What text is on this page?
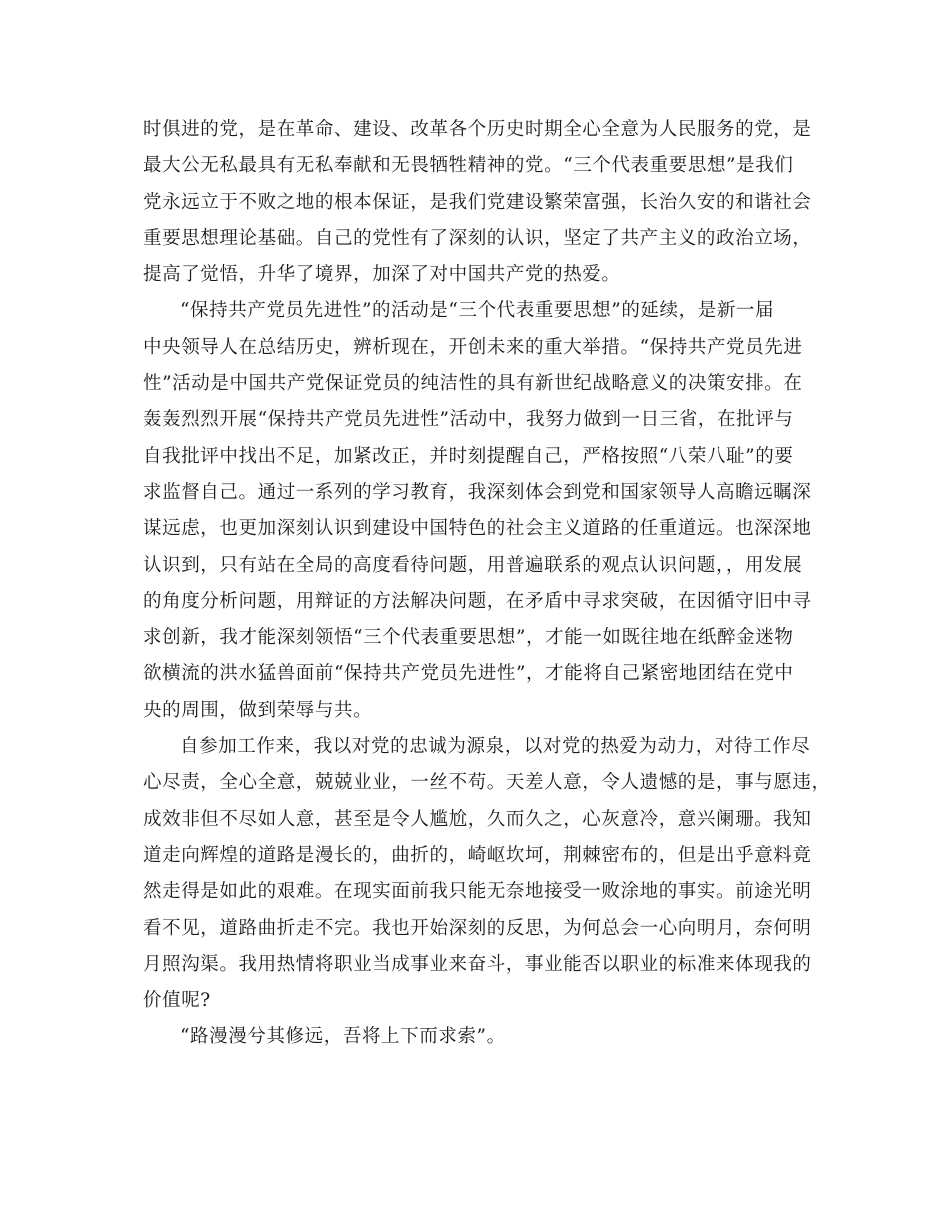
时俱进的党，是在革命、建设、改革各个历史时期全心全意为人民服务的党，是
最大公无私最具有无私奉献和无畏牺牲精神的党。“三个代表重要思想”是我们
党永远立于不败之地的根本保证，是我们党建设繁荣富强，长治久安的和谐社会
重要思想理论基础。自己的党性有了深刻的认识，坚定了共产主义的政治立场，
提高了觉悟，升华了境界，加深了对中国共产党的热爱。
“保持共产党员先进性”的活动是“三个代表重要思想”的延续，是新一届
中央领导人在总结历史，辨析现在，开创未来的重大举措。“保持共产党员先进
性”活动是中国共产党保证党员的纯洁性的具有新世纪战略意义的决策安排。在
轰轰烈烈开展“保持共产党员先进性”活动中，我努力做到一日三省，在批评与
自我批评中找出不足，加紧改正，并时刻提醒自己，严格按照“八荣八耻”的要
求监督自己。通过一系列的学习教育，我深刻体会到党和国家领导人高瞻远瞩深
谋远虑，也更加深刻认识到建设中国特色的社会主义道路的任重道远。也深深地
认识到，只有站在全局的高度看待问题，用普遍联系的观点认识问题，，用发展
的角度分析问题，用辩证的方法解决问题，在矛盾中寻求突破，在因循守旧中寻
求创新，我才能深刻领悟“三个代表重要思想”，才能一如既往地在纸醉金迷物
欲横流的洪水猛兽面前“保持共产党员先进性”，才能将自己紧密地团结在党中
央的周围，做到荣辱与共。
自参加工作来，我以对党的忠诚为源泉，以对党的热爱为动力，对待工作尽
心尽责，全心全意，兢兢业业，一丝不苟。天差人意，令人遗憾的是，事与愿违，
成效非但不尽如人意，甚至是令人尴尬，久而久之，心灰意冷，意兴阑珊。我知
道走向辉煌的道路是漫长的，曲折的，崎岖坎坷，荆棘密布的，但是出乎意料竟
然走得是如此的艰难。在现实面前我只能无奈地接受一败涂地的事实。前途光明
看不见，道路曲折走不完。我也开始深刻的反思，为何总会一心向明月，奈何明
月照沟渠。我用热情将职业当成事业来奋斗，事业能否以职业的标准来体现我的
价值呢?
“路漫漫兮其修远，吾将上下而求索”。
